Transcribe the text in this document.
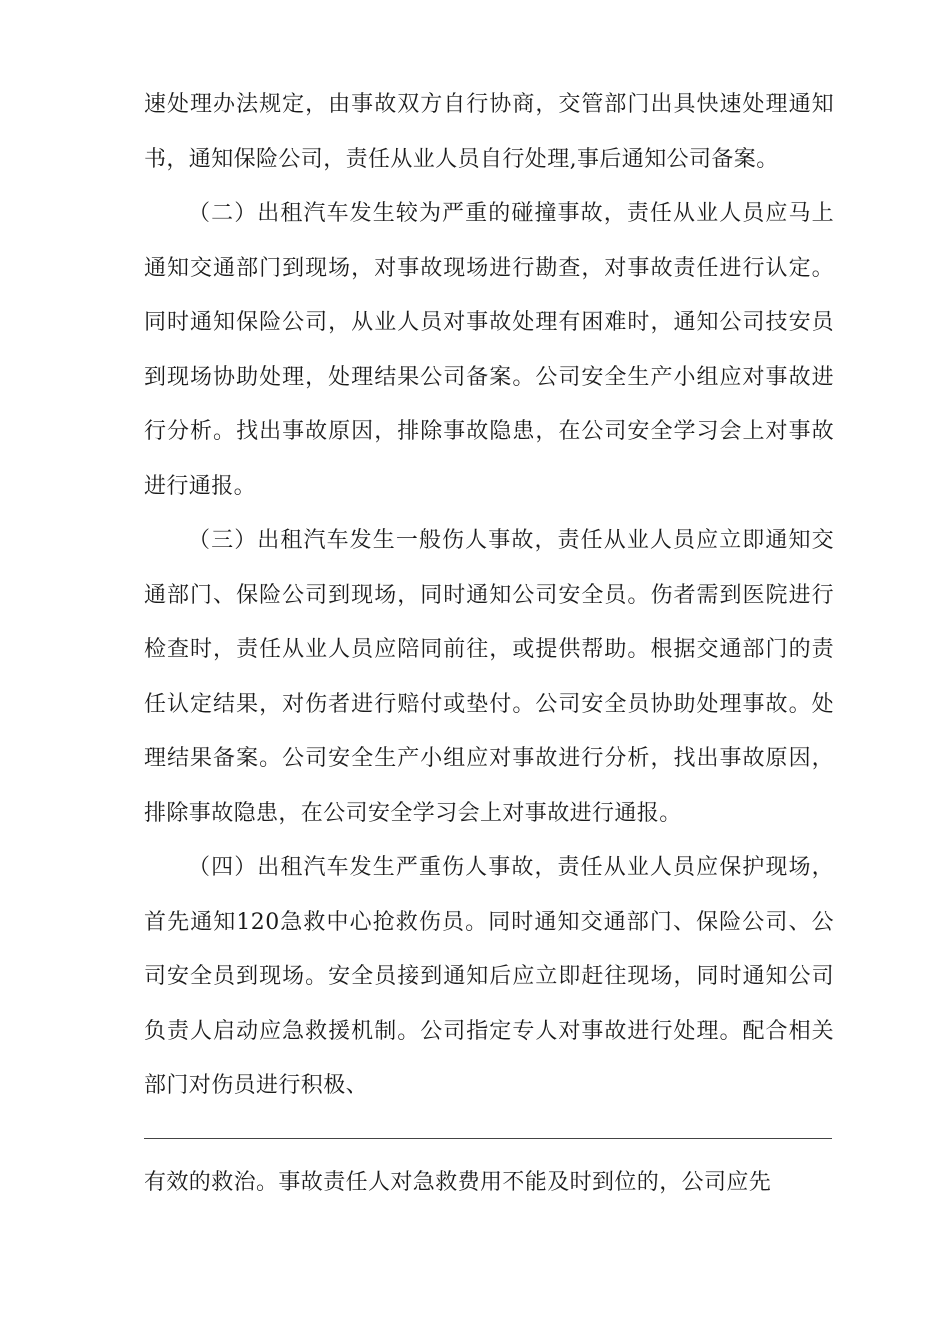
速处理办法规定，由事故双方自行协商，交管部门出具快速处理通知书，通知保险公司，责任从业人员自行处理,事后通知公司备案。

（二）出租汽车发生较为严重的碰撞事故，责任从业人员应马上通知交通部门到现场，对事故现场进行勘查，对事故责任进行认定。同时通知保险公司，从业人员对事故处理有困难时，通知公司技安员到现场协助处理，处理结果公司备案。公司安全生产小组应对事故进行分析。找出事故原因，排除事故隐患，在公司安全学习会上对事故进行通报。

（三）出租汽车发生一般伤人事故，责任从业人员应立即通知交通部门、保险公司到现场，同时通知公司安全员。伤者需到医院进行检查时，责任从业人员应陪同前往，或提供帮助。根据交通部门的责任认定结果，对伤者进行赔付或垫付。公司安全员协助处理事故。处理结果备案。公司安全生产小组应对事故进行分析，找出事故原因，排除事故隐患，在公司安全学习会上对事故进行通报。

（四）出租汽车发生严重伤人事故，责任从业人员应保护现场，首先通知120急救中心抢救伤员。同时通知交通部门、保险公司、公司安全员到现场。安全员接到通知后应立即赶往现场，同时通知公司负责人启动应急救援机制。公司指定专人对事故进行处理。配合相关部门对伤员进行积极、

有效的救治。事故责任人对急救费用不能及时到位的，公司应先
